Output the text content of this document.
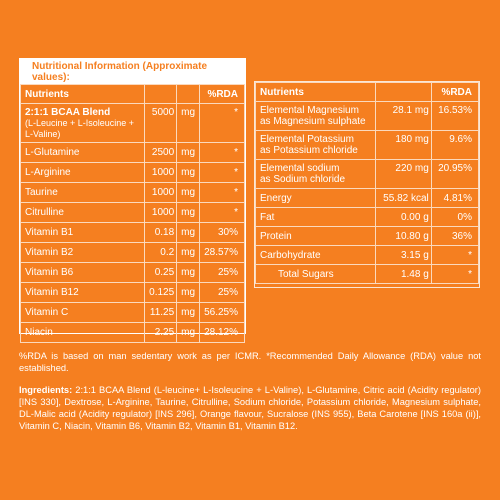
Nutritional Information (Approximate values):
Nutrients			%RDA
2:1:1 BCAA Blend
(L-Leucine + L-Isoleucine + L-Valine)	5000	mg	*
L-Glutamine	2500	mg	*
L-Arginine	1000	mg	*
Taurine	1000	mg	*
Citrulline	1000	mg	*
Vitamin B1	0.18	mg	30%
Vitamin B2	0.2	mg	28.57%
Vitamin B6	0.25	mg	25%
Vitamin B12	0.125	mg	25%
Vitamin C	11.25	mg	56.25%
Niacin	2.25	mg	28.12%
Nutrients		%RDA
Elemental Magnesium
as Magnesium sulphate	28.1 mg	16.53%
Elemental Potassium
as Potassium chloride	180 mg	9.6%
Elemental sodium
as Sodium chloride	220 mg	20.95%
Energy	55.82 kcal	4.81%
Fat	0.00 g	0%
Protein	10.80 g	36%
Carbohydrate	3.15 g	*
Total Sugars	1.48 g	*
%RDA is based on man sedentary work as per ICMR. *Recommended Daily Allowance (RDA) value not established.
Ingredients: 2:1:1 BCAA Blend (L-leucine+ L-Isoleucine + L-Valine), L-Glutamine, Citric acid (Acidity regulator) [INS 330], Dextrose, L-Arginine, Taurine, Citrulline, Sodium chloride, Potassium chloride, Magnesium sulphate, DL-Malic acid (Acidity regulator) [INS 296], Orange flavour, Sucralose (INS 955), Beta Carotene [INS 160a (ii)], Vitamin C, Niacin, Vitamin B6, Vitamin B2, Vitamin B1, Vitamin B12.
